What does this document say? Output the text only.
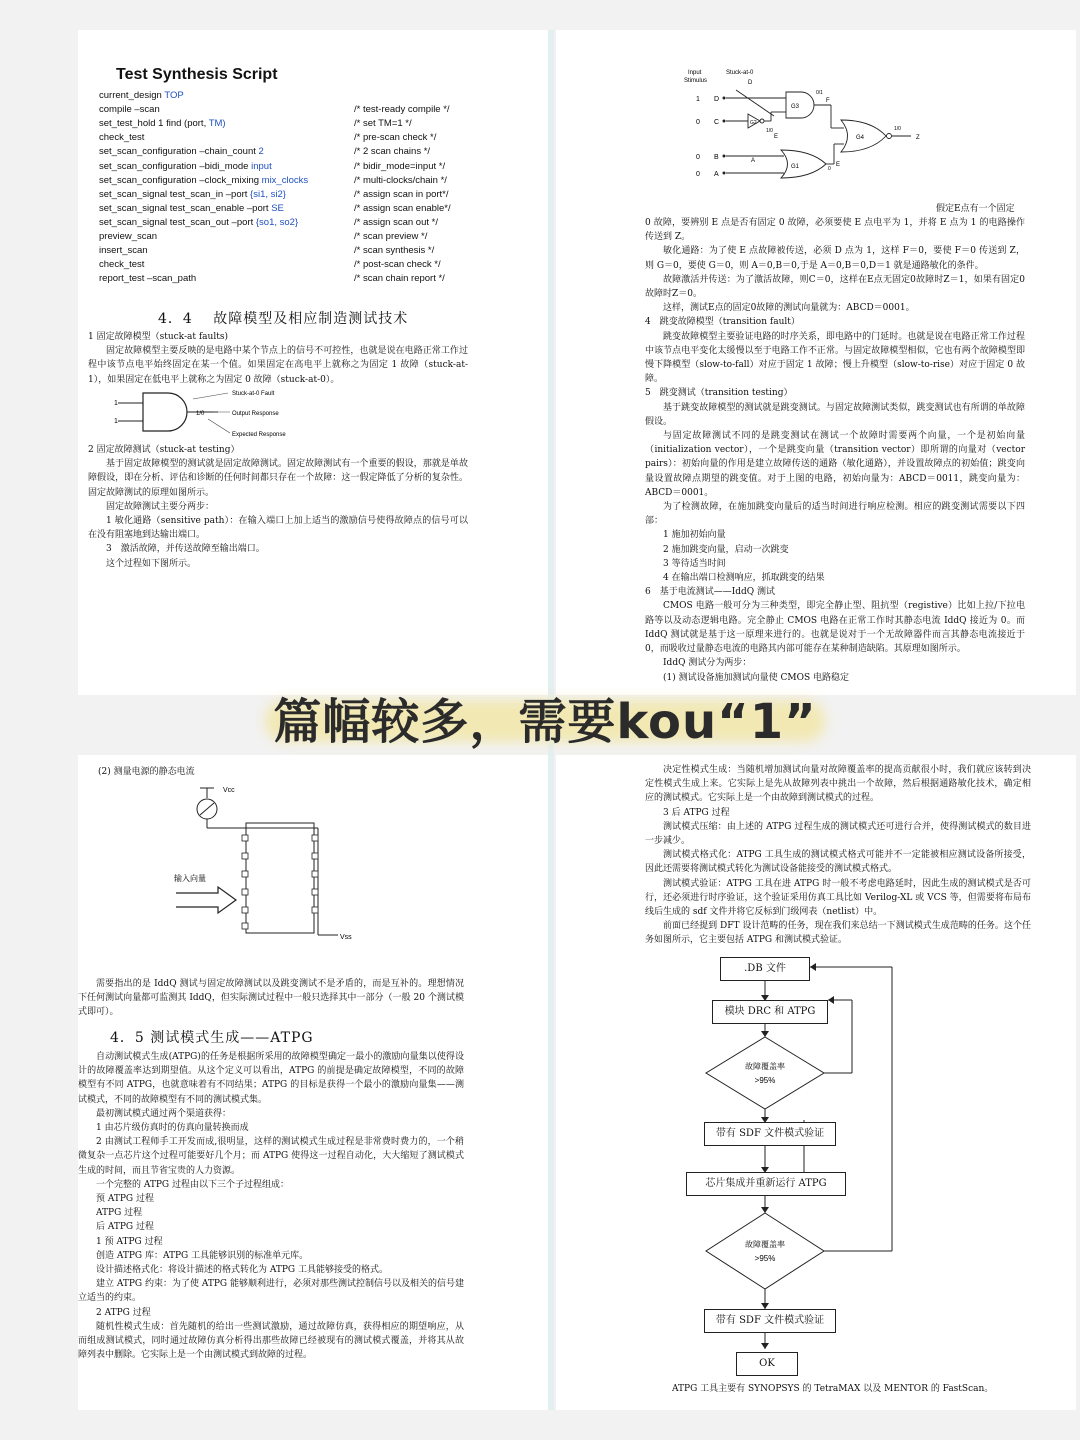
Test Synthesis Script
current_design TOP
compile –scan	/* test-ready compile */
set_test_hold 1 find (port, TM)	/* set TM=1 */
check_test	/* pre-scan check */
set_scan_configuration –chain_count 2	/* 2 scan chains */
set_scan_configuration –bidi_mode input	/* bidir_mode=input */
set_scan_configuration –clock_mixing mix_clocks	/* multi-clocks/chain */
set_scan_signal test_scan_in –port {si1, si2}	/* assign scan in port*/
set_scan_signal test_scan_enable –port SE	/* assign scan enable*/
set_scan_signal test_scan_out –port {so1, so2}	/* assign scan out */
preview_scan	/* scan preview */
insert_scan	/* scan synthesis */
check_test	/* post-scan check */
report_test –scan_path	/* scan chain report */
4．4　 故障模型及相应制造测试技术

1 固定故障模型（stuck-at faults)

固定故障模型主要反映的是电路中某个节点上的信号不可控性，也就是说在电路正常工作过程中该节点电平始终固定在某一个值。如果固定在高电平上就称之为固定 1 故障（stuck-at-1），如果固定在低电平上就称之为固定 0 故障（stuck-at-0）。

1
1
1/0
Stuck-at-0 Fault
Output Response
Expected Response

2 固定故障测试（stuck-at testing）

基于固定故障模型的测试就是固定故障测试。固定故障测试有一个重要的假设，那就是单故障假设，即在分析、评估和诊断的任何时间都只存在一个故障：这一假定降低了分析的复杂性。固定故障测试的原理如图所示。

固定故障测试主要分两步：

1 敏化通路（sensitive path）：在输入端口上加上适当的激励信号使得故障点的信号可以在没有阻塞地到达输出端口。

3　激活故障，并传送故障至输出端口。

这个过程如下图所示。

Input
Stimulus
Stuck-at-0
1 D
0 C
0 B
0 A
D
G2
G3
G1
G4
1/0
E
0/1
F
1/0
Z
A
0
E
假定E点有一个固定

0 故障，要辨别 E 点是否有固定 0 故障，必须要使 E 点电平为 1，并将 E 点为 1 的电路操作传送到 Z。

敏化通路：为了使 E 点故障被传送，必须 D 点为 1，这样 F＝0，要使 F＝0 传送到 Z，则 G＝0，要使 G＝0，则 A＝0,B＝0,于是 A＝0,B＝0,D＝1 就是通路敏化的条件。

故障激活并传送：为了激活故障，则C＝0，这样在E点无固定0故障时Z＝1，如果有固定0故障时Z＝0。

这样，测试E点的固定0故障的测试向量就为：ABCD＝0001。

4　跳变故障模型（transition fault）

跳变故障模型主要验证电路的时序关系，即电路中的门延时。也就是说在电路正常工作过程中该节点电平变化太缓慢以至于电路工作不正常。与固定故障模型相似，它也有两个故障模型即慢下降模型（slow-to-fall）对应于固定 1 故障；慢上升模型（slow-to-rise）对应于固定 0 故障。

5　跳变测试（transition testing）

基于跳变故障模型的测试就是跳变测试。与固定故障测试类似，跳变测试也有所谓的单故障假设。

与固定故障测试不同的是跳变测试在测试一个故障时需要两个向量，一个是初始向量（initialization vector），一个是跳变向量（transition vector）即所谓的向量对（vector pairs）：初始向量的作用是建立故障传送的通路（敏化通路），并设置故障点的初始值；跳变向量设置故障点期望的跳变值。对于上图的电路，初始向量为：ABCD＝0011，跳变向量为：ABCD＝0001。

为了检测故障，在施加跳变向量后的适当时间进行响应检测。相应的跳变测试需要以下四部：

1 施加初始向量

2 施加跳变向量，启动一次跳变

3 等待适当时间

4 在输出端口检测响应，抓取跳变的结果

6　基于电流测试——IddQ 测试

CMOS 电路一般可分为三种类型，即完全静止型、阻抗型（registive）比如上拉/下拉电路等以及动态逻辑电路。完全静止 CMOS 电路在正常工作时其静态电流 IddQ 接近为 0。而 IddQ 测试就是基于这一原理来进行的。也就是说对于一个无故障器件而言其静态电流接近于 0，而吸收过量静态电流的电路其内部可能存在某种制造缺陷。其原理如图所示。

IddQ 测试分为两步：

(1) 测试设备施加测试向量使 CMOS 电路稳定

篇幅较多，需要kou“1”
(2) 测量电源的静态电流
Vcc
Vss
输入向量

需要指出的是 IddQ 测试与固定故障测试以及跳变测试不是矛盾的，而是互补的。理想情况下任何测试向量都可监测其 IddQ，但实际测试过程中一般只选择其中一部分（一般 20 个测试模式即可）。

4．5 测试模式生成——ATPG

自动测试模式生成(ATPG)的任务是根据所采用的故障模型确定一最小的激励向量集以使得设计的故障覆盖率达到期望值。从这个定义可以看出，ATPG 的前提是确定故障模型，不同的故障模型有不同 ATPG，也就意味着有不同结果；ATPG 的目标是获得一个最小的激励向量集——测试模式，不同的故障模型有不同的测试模式集。

最初测试模式通过两个渠道获得：

1 由芯片级仿真时的仿真向量转换而成

2 由测试工程师手工开发而成,很明显，这样的测试模式生成过程是非常费时费力的，一个稍微复杂一点芯片这个过程可能要好几个月；而 ATPG 使得这一过程自动化，大大缩短了测试模式生成的时间，而且节省宝贵的人力资源。

一个完整的 ATPG 过程由以下三个子过程组成：

预 ATPG 过程

ATPG 过程

后 ATPG 过程

1 预 ATPG 过程

创造 ATPG 库：ATPG 工具能够识别的标准单元库。

设计描述格式化：将设计描述的格式转化为 ATPG 工具能够接受的格式。

建立 ATPG 约束：为了使 ATPG 能够顺利进行，必须对那些测试控制信号以及相关的信号建立适当的约束。

2 ATPG 过程

随机性模式生成：首先随机的给出一些测试激励，通过故障仿真，获得相应的期望响应，从而组成测试模式，同时通过故障仿真分析得出那些故障已经被现有的测试模式覆盖，并将其从故障列表中删除。它实际上是一个由测试模式到故障的过程。

决定性模式生成：当随机增加测试向量对故障覆盖率的提高贡献很小时，我们就应该转到决定性模式生成上来。它实际上是先从故障列表中挑出一个故障，然后根据通路敏化技术，确定相应的测试模式。它实际上是一个由故障到测试模式的过程。

3 后 ATPG 过程

测试模式压缩：由上述的 ATPG 过程生成的测试模式还可进行合并，使得测试模式的数目进一步减少。

测试模式格式化：ATPG 工具生成的测试模式格式可能并不一定能被相应测试设备所接受，因此还需要将测试模式转化为测试设备能接受的测试模式格式。

测试模式验证：ATPG 工具在进 ATPG 时一般不考虑电路延时，因此生成的测试模式是否可行，还必须进行时序验证，这个验证采用仿真工具比如 Verilog-XL 或 VCS 等，但需要将布局布线后生成的 sdf 文件并将它反标到门级网表（netlist）中。

前面已经提到 DFT 设计范畴的任务，现在我们来总结一下测试模式生成范畴的任务。这个任务如图所示，它主要包括 ATPG 和测试模式验证。

故障覆盖率
>95%
故障覆盖率
>95%
.DB 文件
模块 DRC 和 ATPG
带有 SDF 文件模式验证
芯片集成并重新运行 ATPG
带有 SDF 文件模式验证
OK
ATPG 工具主要有 SYNOPSYS 的 TetraMAX 以及 MENTOR 的 FastScan。
